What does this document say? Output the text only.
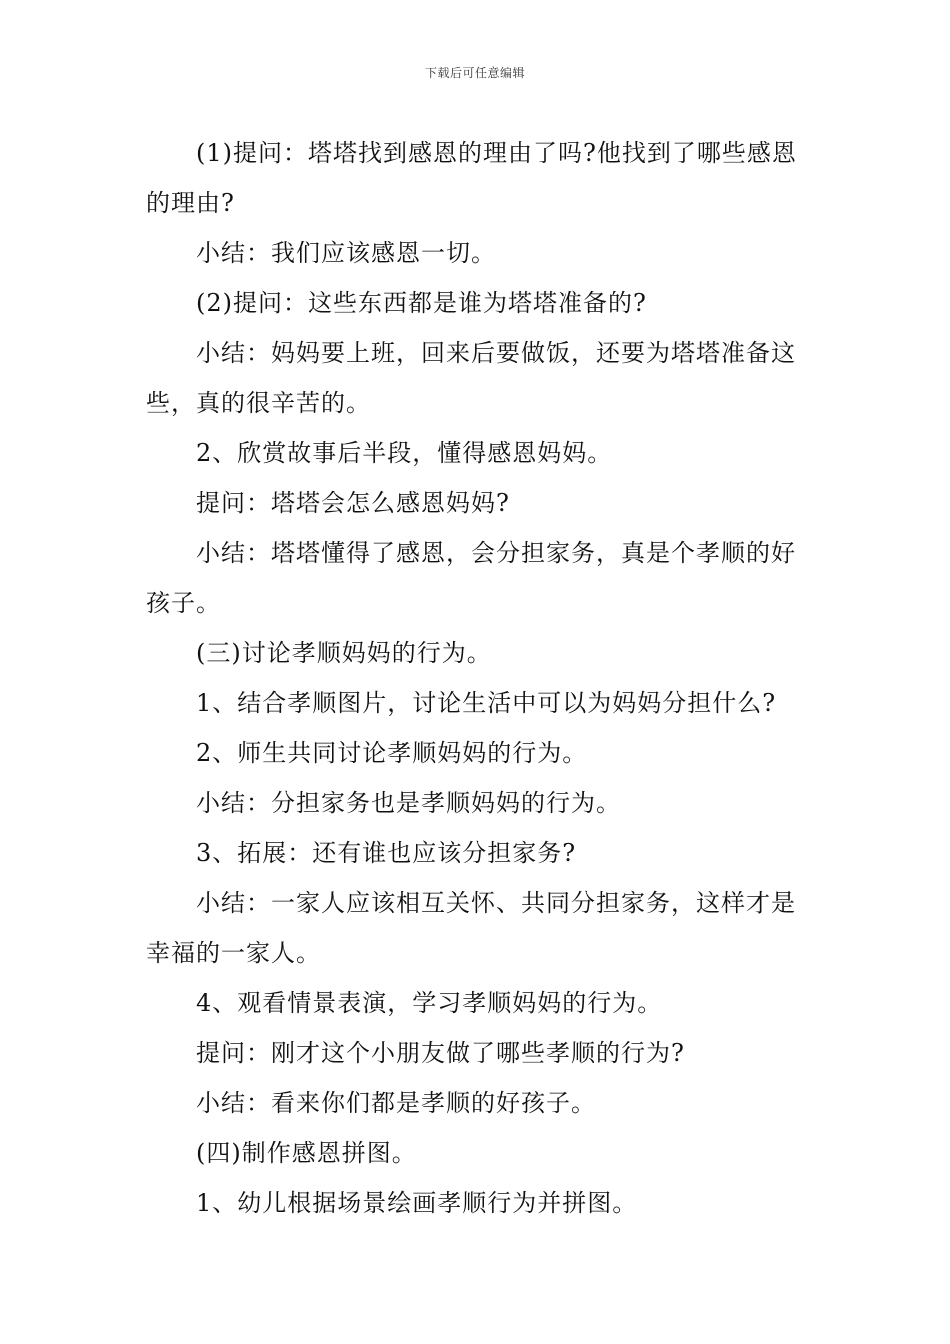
下载后可任意编辑

(1)提问：塔塔找到感恩的理由了吗?他找到了哪些感恩的理由?

小结：我们应该感恩一切。

(2)提问：这些东西都是谁为塔塔准备的?

小结：妈妈要上班，回来后要做饭，还要为塔塔准备这些，真的很辛苦的。

2、欣赏故事后半段，懂得感恩妈妈。

提问：塔塔会怎么感恩妈妈?

小结：塔塔懂得了感恩，会分担家务，真是个孝顺的好孩子。

(三)讨论孝顺妈妈的行为。

1、结合孝顺图片，讨论生活中可以为妈妈分担什么?

2、师生共同讨论孝顺妈妈的行为。

小结：分担家务也是孝顺妈妈的行为。

3、拓展：还有谁也应该分担家务?

小结：一家人应该相互关怀、共同分担家务，这样才是幸福的一家人。

4、观看情景表演，学习孝顺妈妈的行为。

提问：刚才这个小朋友做了哪些孝顺的行为?

小结：看来你们都是孝顺的好孩子。

(四)制作感恩拼图。

1、幼儿根据场景绘画孝顺行为并拼图。
